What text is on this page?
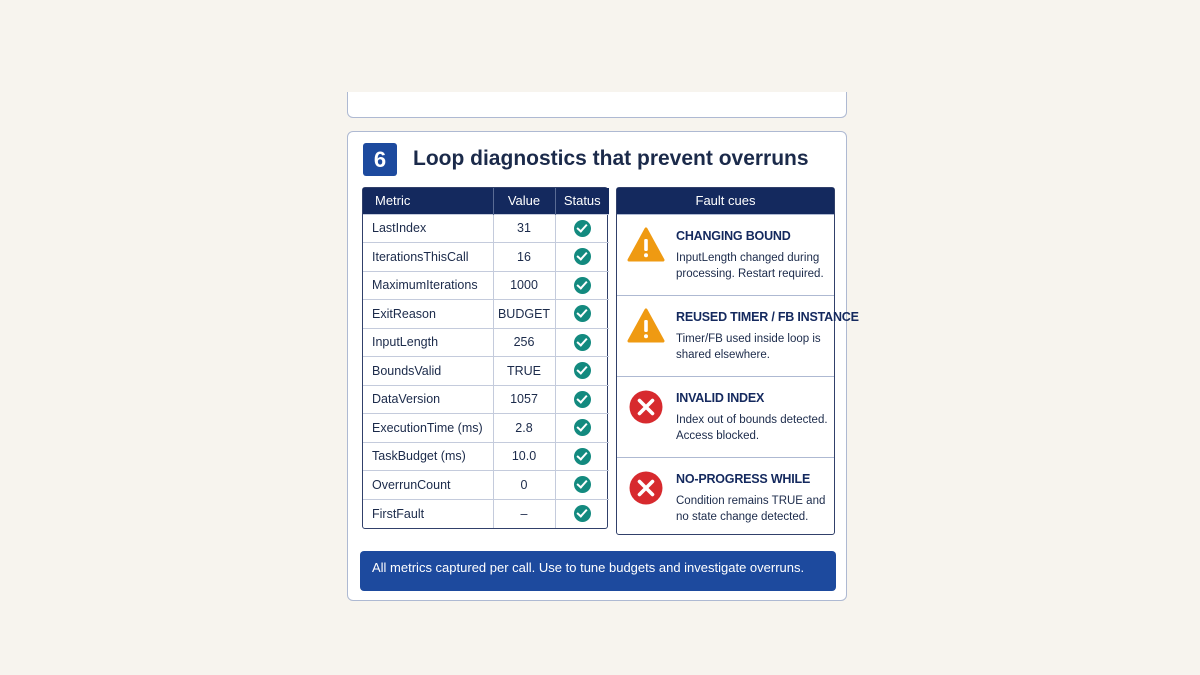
6	Loop diagnostics that prevent overruns
Metric	Value	Status
LastIndex	31	
IterationsThisCall	16	
MaximumIterations	1000	
ExitReason	BUDGET	
InputLength	256	
BoundsValid	TRUE	
DataVersion	1057	
ExecutionTime (ms)	2.8	
TaskBudget (ms)	10.0	
OverrunCount	0	
FirstFault	–	
Fault cues
CHANGING BOUND
InputLength changed during processing. Restart required.
REUSED TIMER / FB INSTANCE
Timer/FB used inside loop is shared elsewhere.
INVALID INDEX
Index out of bounds detected. Access blocked.
NO-PROGRESS WHILE
Condition remains TRUE and no state change detected.
All metrics captured per call. Use to tune budgets and investigate overruns.
